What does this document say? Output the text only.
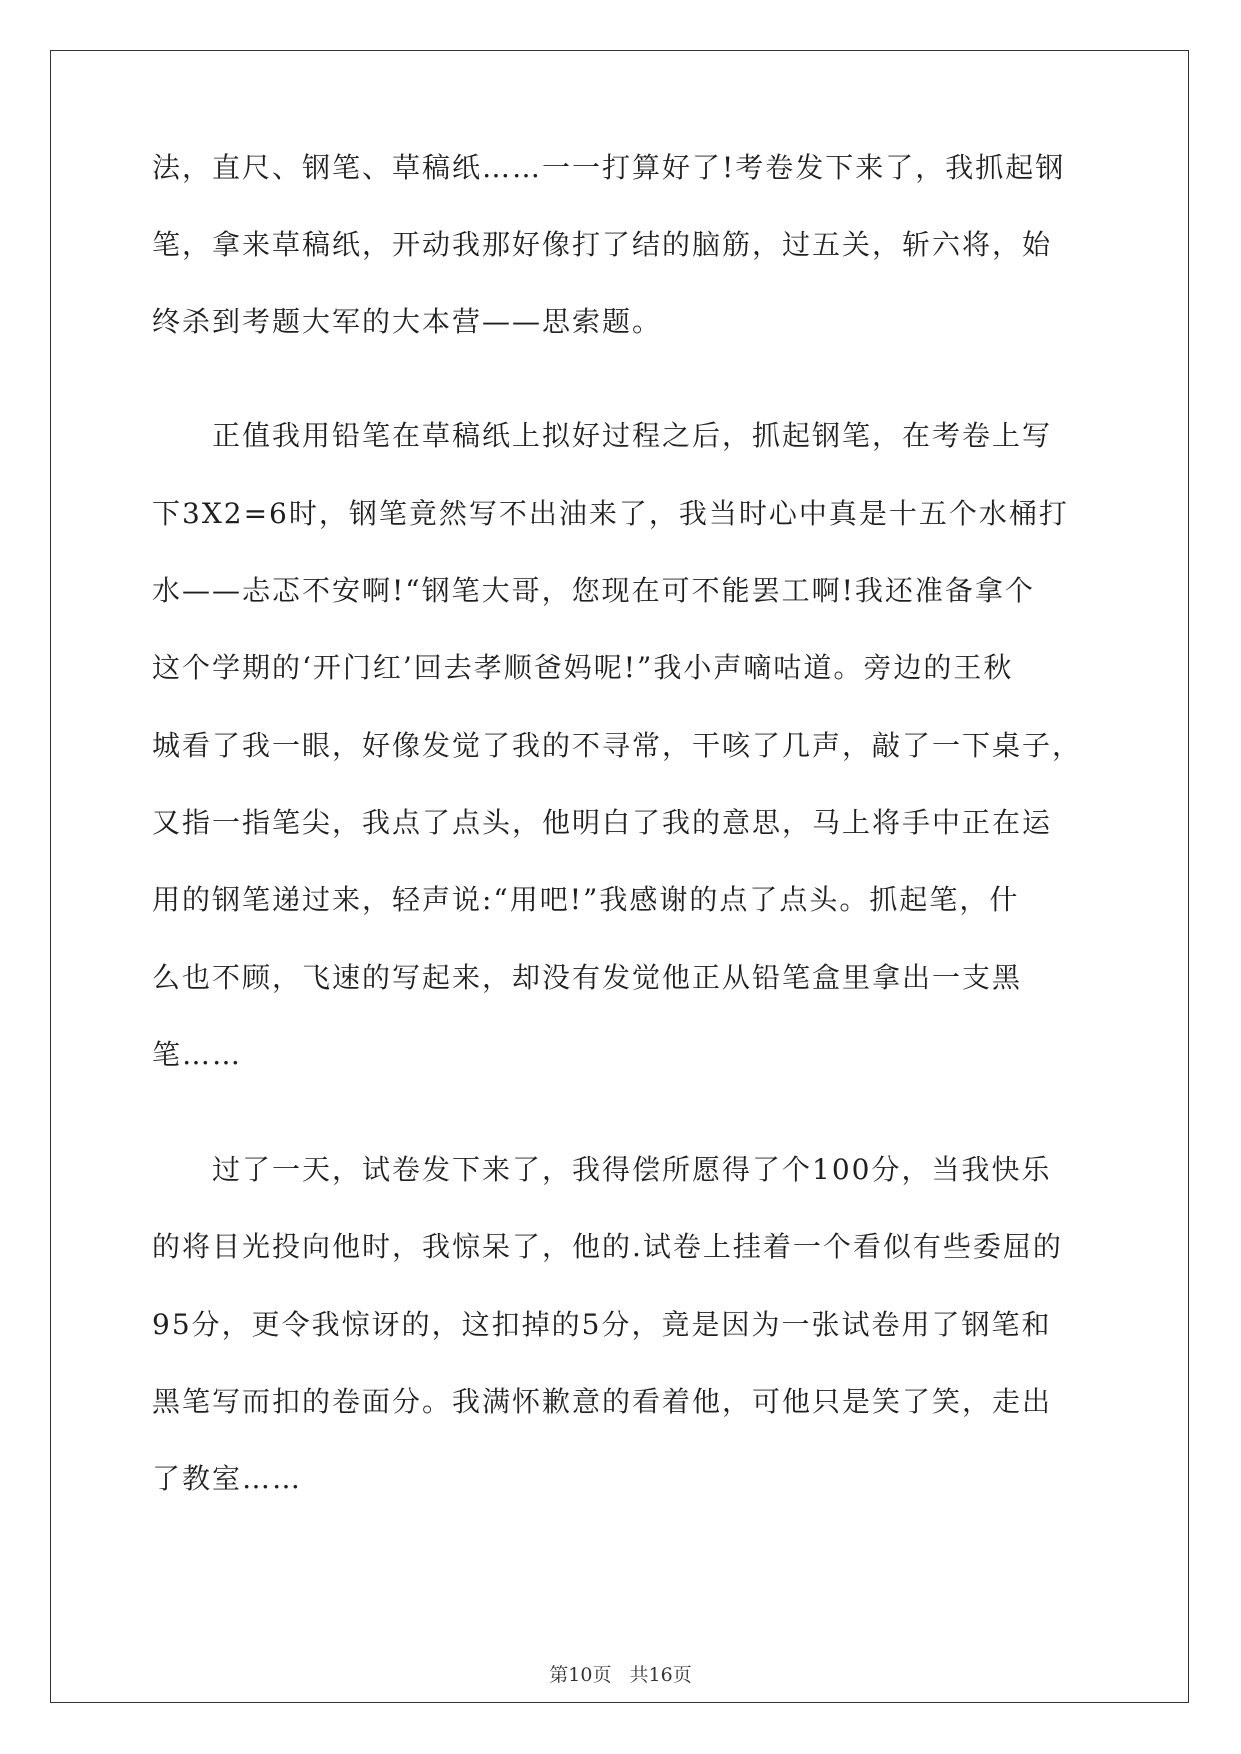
法，直尺、钢笔、草稿纸……一一打算好了!考卷发下来了，我抓起钢
笔，拿来草稿纸，开动我那好像打了结的脑筋，过五关，斩六将，始
终杀到考题大军的大本营——思索题。
　　正值我用铅笔在草稿纸上拟好过程之后，抓起钢笔，在考卷上写
下3X2=6时，钢笔竟然写不出油来了，我当时心中真是十五个水桶打
水——忐忑不安啊!“钢笔大哥，您现在可不能罢工啊!我还准备拿个
这个学期的‘开门红’回去孝顺爸妈呢!”我小声嘀咕道。旁边的王秋
城看了我一眼，好像发觉了我的不寻常，干咳了几声，敲了一下桌子，
又指一指笔尖，我点了点头，他明白了我的意思，马上将手中正在运
用的钢笔递过来，轻声说:“用吧!”我感谢的点了点头。抓起笔，什
么也不顾，飞速的写起来，却没有发觉他正从铅笔盒里拿出一支黑
笔……
　　过了一天，试卷发下来了，我得偿所愿得了个100分，当我快乐
的将目光投向他时，我惊呆了，他的.试卷上挂着一个看似有些委屈的
95分，更令我惊讶的，这扣掉的5分，竟是因为一张试卷用了钢笔和
黑笔写而扣的卷面分。我满怀歉意的看着他，可他只是笑了笑，走出
了教室……
第10页 共16页
